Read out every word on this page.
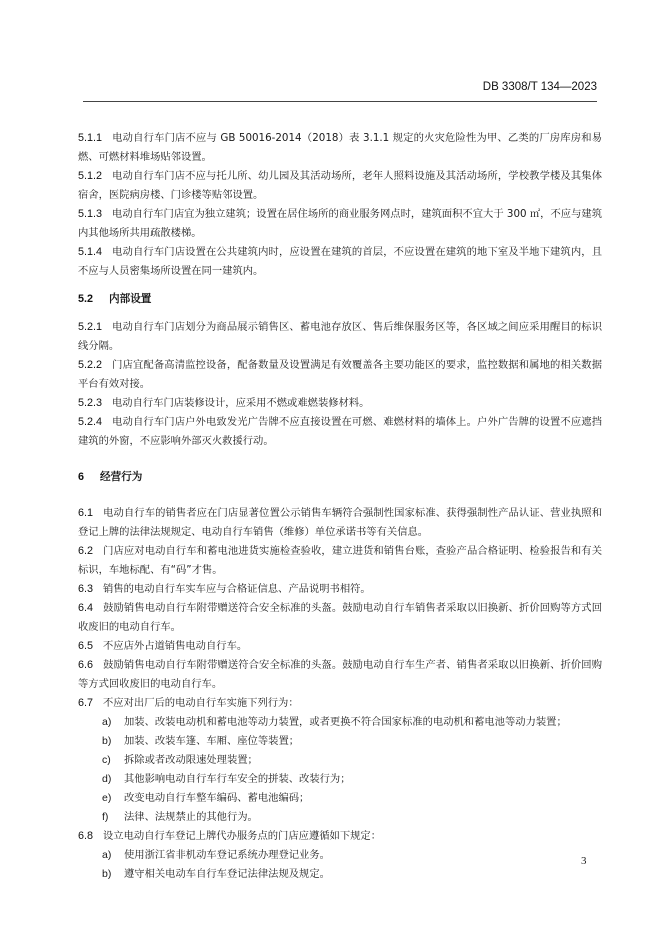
DB 3308/T 134—2023

5.1.1 电动自行车门店不应与 GB 50016-2014（2018）表 3.1.1 规定的火灾危险性为甲、乙类的厂房库房和易燃、可燃材料堆场贴邻设置。

5.1.2 电动自行车门店不应与托儿所、幼儿园及其活动场所，老年人照料设施及其活动场所，学校教学楼及其集体宿舍，医院病房楼、门诊楼等贴邻设置。

5.1.3 电动自行车门店宜为独立建筑；设置在居住场所的商业服务网点时，建筑面积不宜大于 300 ㎡，不应与建筑内其他场所共用疏散楼梯。

5.1.4 电动自行车门店设置在公共建筑内时，应设置在建筑的首层，不应设置在建筑的地下室及半地下建筑内，且不应与人员密集场所设置在同一建筑内。

5.2 内部设置

5.2.1 电动自行车门店划分为商品展示销售区、蓄电池存放区、售后维保服务区等，各区域之间应采用醒目的标识线分隔。

5.2.2 门店宜配备高清监控设备，配备数量及设置满足有效覆盖各主要功能区的要求，监控数据和属地的相关数据平台有效对接。

5.2.3 电动自行车门店装修设计，应采用不燃或难燃装修材料。

5.2.4 电动自行车门店户外电致发光广告牌不应直接设置在可燃、难燃材料的墙体上。户外广告牌的设置不应遮挡建筑的外窗，不应影响外部灭火救援行动。

6 经营行为

6.1 电动自行车的销售者应在门店显著位置公示销售车辆符合强制性国家标准、获得强制性产品认证、营业执照和登记上牌的法律法规规定、电动自行车销售（维修）单位承诺书等有关信息。

6.2 门店应对电动自行车和蓄电池进货实施检查验收，建立进货和销售台账，查验产品合格证明、检验报告和有关标识，车地标配、有“码”才售。

6.3 销售的电动自行车实车应与合格证信息、产品说明书相符。

6.4 鼓励销售电动自行车附带赠送符合安全标准的头盔。鼓励电动自行车销售者采取以旧换新、折价回购等方式回收废旧的电动自行车。

6.5 不应店外占道销售电动自行车。

6.6 鼓励销售电动自行车附带赠送符合安全标准的头盔。鼓励电动自行车生产者、销售者采取以旧换新、折价回购等方式回收废旧的电动自行车。

6.7 不应对出厂后的电动自行车实施下列行为：

a) 加装、改装电动机和蓄电池等动力装置，或者更换不符合国家标准的电动机和蓄电池等动力装置；
b) 加装、改装车篷、车厢、座位等装置；
c) 拆除或者改动限速处理装置；
d) 其他影响电动自行车行车安全的拼装、改装行为；
e) 改变电动自行车整车编码、蓄电池编码；
f) 法律、法规禁止的其他行为。

6.8 设立电动自行车登记上牌代办服务点的门店应遵循如下规定：

a) 使用浙江省非机动车登记系统办理登记业务。
b) 遵守相关电动车自行车登记法律法规及规定。
3
